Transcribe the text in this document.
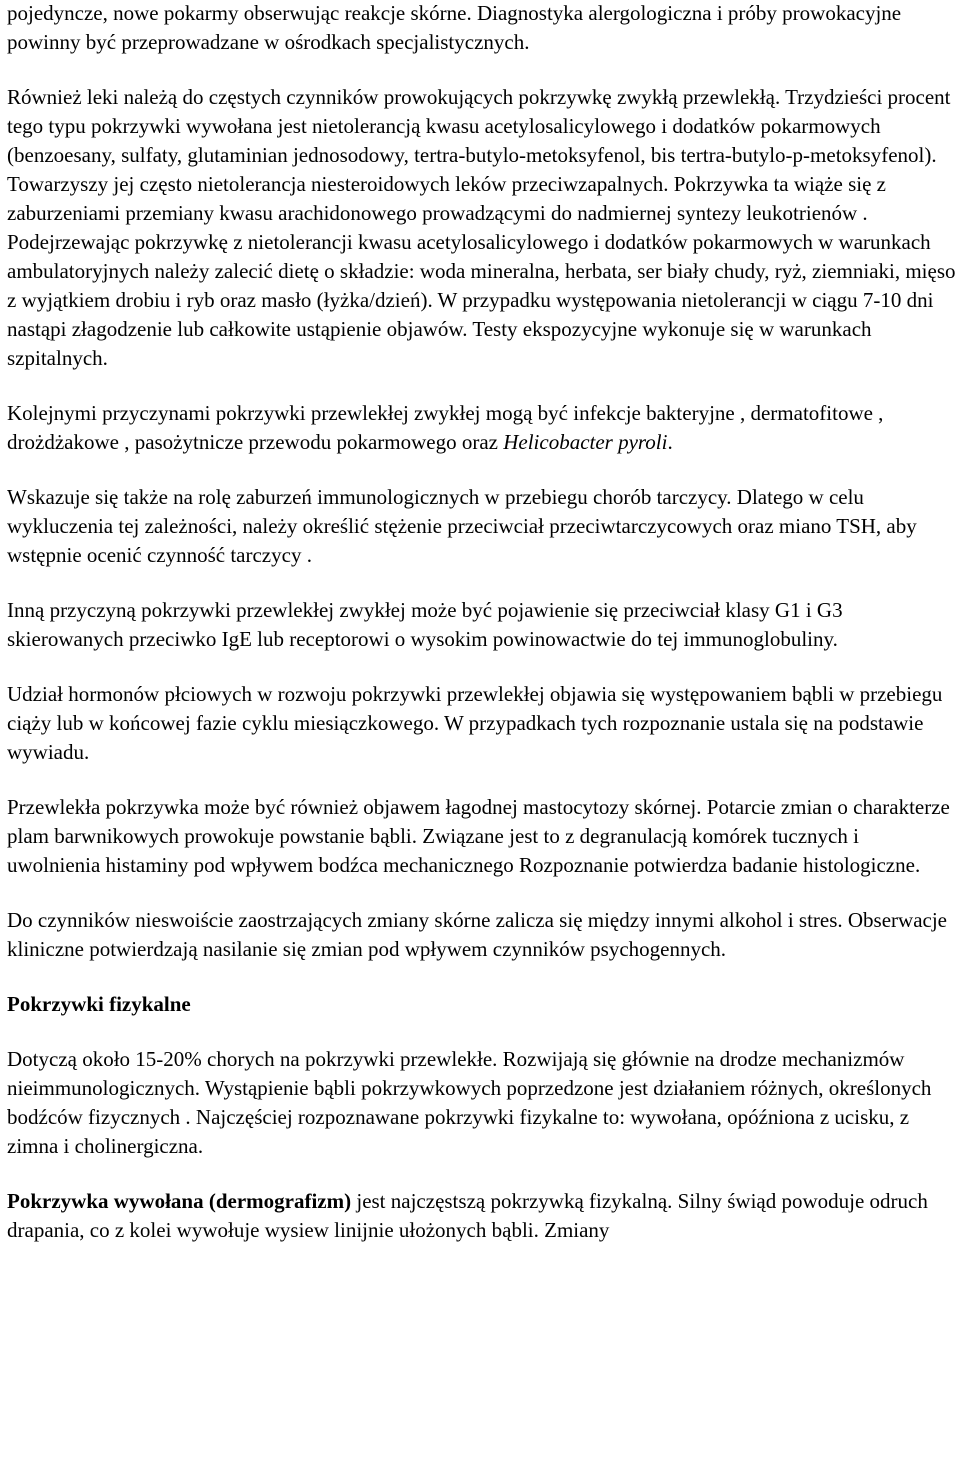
pojedyncze, nowe pokarmy obserwując reakcje skórne. Diagnostyka alergologiczna i próby prowokacyjne powinny być przeprowadzane w ośrodkach specjalistycznych.

Również leki należą do częstych czynników prowokujących pokrzywkę zwykłą przewlekłą. Trzydzieści procent tego typu pokrzywki wywołana jest nietolerancją kwasu acetylosalicylowego i dodatków pokarmowych (benzoesany, sulfaty, glutaminian jednosodowy, tertra-butylo-metoksyfenol, bis tertra-butylo-p-metoksyfenol). Towarzyszy jej często nietolerancja niesteroidowych leków przeciwzapalnych. Pokrzywka ta wiąże się z zaburzeniami przemiany kwasu arachidonowego prowadzącymi do nadmiernej syntezy leukotrienów . Podejrzewając pokrzywkę z nietolerancji kwasu acetylosalicylowego i dodatków pokarmowych w warunkach ambulatoryjnych należy zalecić dietę o składzie: woda mineralna, herbata, ser biały chudy, ryż, ziemniaki, mięso z wyjątkiem drobiu i ryb oraz masło (łyżka/dzień). W przypadku występowania nietolerancji w ciągu 7-10 dni nastąpi złagodzenie lub całkowite ustąpienie objawów. Testy ekspozycyjne wykonuje się w warunkach szpitalnych.

Kolejnymi przyczynami pokrzywki przewlekłej zwykłej mogą być infekcje bakteryjne , dermatofitowe , drożdżakowe , pasożytnicze przewodu pokarmowego oraz Helicobacter pyroli.

Wskazuje się także na rolę zaburzeń immunologicznych w przebiegu chorób tarczycy. Dlatego w celu wykluczenia tej zależności, należy określić stężenie przeciwciał przeciwtarczycowych oraz miano TSH, aby wstępnie ocenić czynność tarczycy .

Inną przyczyną pokrzywki przewlekłej zwykłej może być pojawienie się przeciwciał klasy G1 i G3 skierowanych przeciwko IgE lub receptorowi o wysokim powinowactwie do tej immunoglobuliny.

Udział hormonów płciowych w rozwoju pokrzywki przewlekłej objawia się występowaniem bąbli w przebiegu ciąży lub w końcowej fazie cyklu miesiączkowego. W przypadkach tych rozpoznanie ustala się na podstawie wywiadu.

Przewlekła pokrzywka może być również objawem łagodnej mastocytozy skórnej. Potarcie zmian o charakterze plam barwnikowych prowokuje powstanie bąbli. Związane jest to z degranulacją komórek tucznych i uwolnienia histaminy pod wpływem bodźca mechanicznego Rozpoznanie potwierdza badanie histologiczne.

Do czynników nieswoiście zaostrzających zmiany skórne zalicza się między innymi alkohol i stres. Obserwacje kliniczne potwierdzają nasilanie się zmian pod wpływem czynników psychogennych.

Pokrzywki fizykalne

Dotyczą około 15-20% chorych na pokrzywki przewlekłe. Rozwijają się głównie na drodze mechanizmów nieimmunologicznych. Wystąpienie bąbli pokrzywkowych poprzedzone jest działaniem różnych, określonych bodźców fizycznych . Najczęściej rozpoznawane pokrzywki fizykalne to: wywołana, opóźniona z ucisku, z zimna i cholinergiczna.

Pokrzywka wywołana (dermografizm) jest najczęstszą pokrzywką fizykalną. Silny świąd powoduje odruch drapania, co z kolei wywołuje wysiew linijnie ułożonych bąbli. Zmiany
